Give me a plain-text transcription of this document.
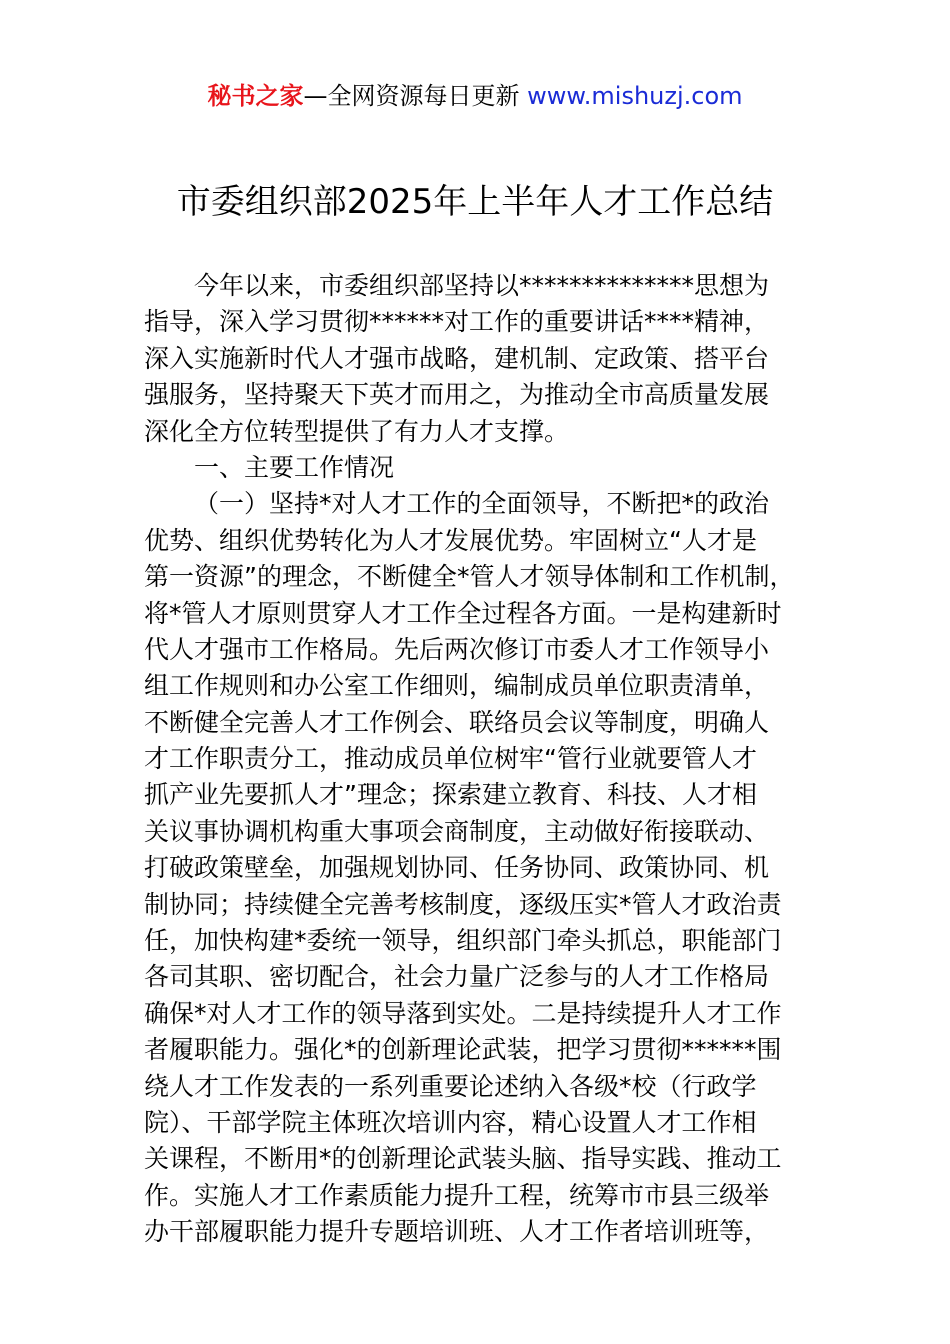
秘书之家—全网资源每日更新 www.mishuzj.com
市委组织部2025年上半年人才工作总结
今年以来，市委组织部坚持以**************思想为
指导，深入学习贯彻******对工作的重要讲话****精神，
深入实施新时代人才强市战略，建机制、定政策、搭平台
强服务，坚持聚天下英才而用之，为推动全市高质量发展
深化全方位转型提供了有力人才支撑。
一、主要工作情况
（一）坚持*对人才工作的全面领导，不断把*的政治
优势、组织优势转化为人才发展优势。牢固树立“人才是
第一资源”的理念，不断健全*管人才领导体制和工作机制，
将*管人才原则贯穿人才工作全过程各方面。一是构建新时
代人才强市工作格局。先后两次修订市委人才工作领导小
组工作规则和办公室工作细则，编制成员单位职责清单，
不断健全完善人才工作例会、联络员会议等制度，明确人
才工作职责分工，推动成员单位树牢“管行业就要管人才
抓产业先要抓人才”理念；探索建立教育、科技、人才相
关议事协调机构重大事项会商制度，主动做好衔接联动、
打破政策壁垒，加强规划协同、任务协同、政策协同、机
制协同；持续健全完善考核制度，逐级压实*管人才政治责
任，加快构建*委统一领导，组织部门牵头抓总，职能部门
各司其职、密切配合，社会力量广泛参与的人才工作格局
确保*对人才工作的领导落到实处。二是持续提升人才工作
者履职能力。强化*的创新理论武装，把学习贯彻******围
绕人才工作发表的一系列重要论述纳入各级*校（行政学
院）、干部学院主体班次培训内容，精心设置人才工作相
关课程，不断用*的创新理论武装头脑、指导实践、推动工
作。实施人才工作素质能力提升工程，统筹市市县三级举
办干部履职能力提升专题培训班、人才工作者培训班等，
